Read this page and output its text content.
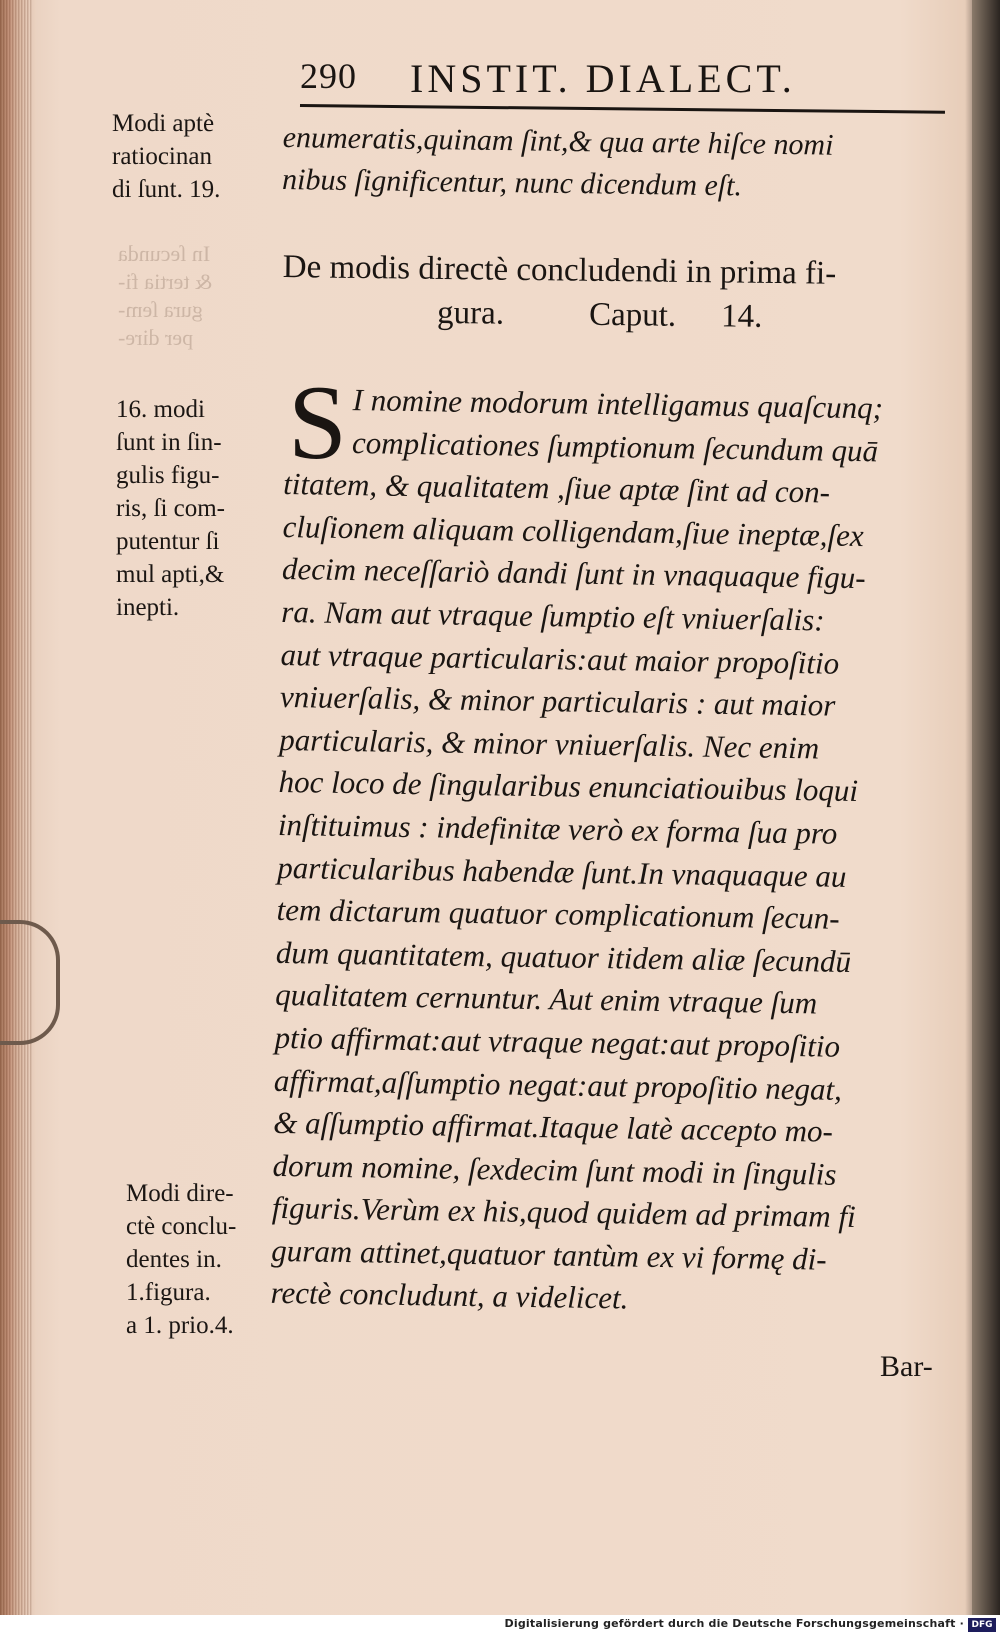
290 INSTIT. DIALECT.
Modi aptè
ratiocinan
di ſunt. 19.
In ſecunda
& tertia fi-
gura ſem-
per dire-
16. modi
ſunt in ſin-
gulis figu-
ris, ſi com-
putentur ſi
mul apti,&
inepti.
Modi dire-
ctè conclu-
dentes in.
1.figura.
a 1. prio.4.
enumeratis,quinam ſint,& qua arte hiſce nomi
nibus ſignificentur, nunc dicendum eſt.
De modis directè concludendi in prima fi-
gura.	Caput. 14.
S I nomine modorum intelligamus quaſcunq;
complicationes ſumptionum ſecundum quā
titatem, & qualitatem ,ſiue aptæ ſint ad con-
cluſionem aliquam colligendam,ſiue ineptæ,ſex
decim neceſſariò dandi ſunt in vnaquaque figu-
ra. Nam aut vtraque ſumptio eſt vniuerſalis:
aut vtraque particularis:aut maior propoſitio
vniuerſalis, & minor particularis : aut maior
particularis, & minor vniuerſalis. Nec enim
hoc loco de ſingularibus enunciatiouibus loqui
inſtituimus : indefinitæ verò ex forma ſua pro
particularibus habendæ ſunt.In vnaquaque au
tem dictarum quatuor complicationum ſecun-
dum quantitatem, quatuor itidem aliæ ſecundū
qualitatem cernuntur. Aut enim vtraque ſum
ptio affirmat:aut vtraque negat:aut propoſitio
affirmat,aſſumptio negat:aut propoſitio negat,
& aſſumptio affirmat.Itaque latè accepto mo-
dorum nomine, ſexdecim ſunt modi in ſingulis
figuris.Verùm ex his,quod quidem ad primam fi
guram attinet,quatuor tantùm ex vi formę di-
rectè concludunt, a videlicet.
Bar-
Digitalisierung gefördert durch die Deutsche Forschungsgemeinschaft · DFG
